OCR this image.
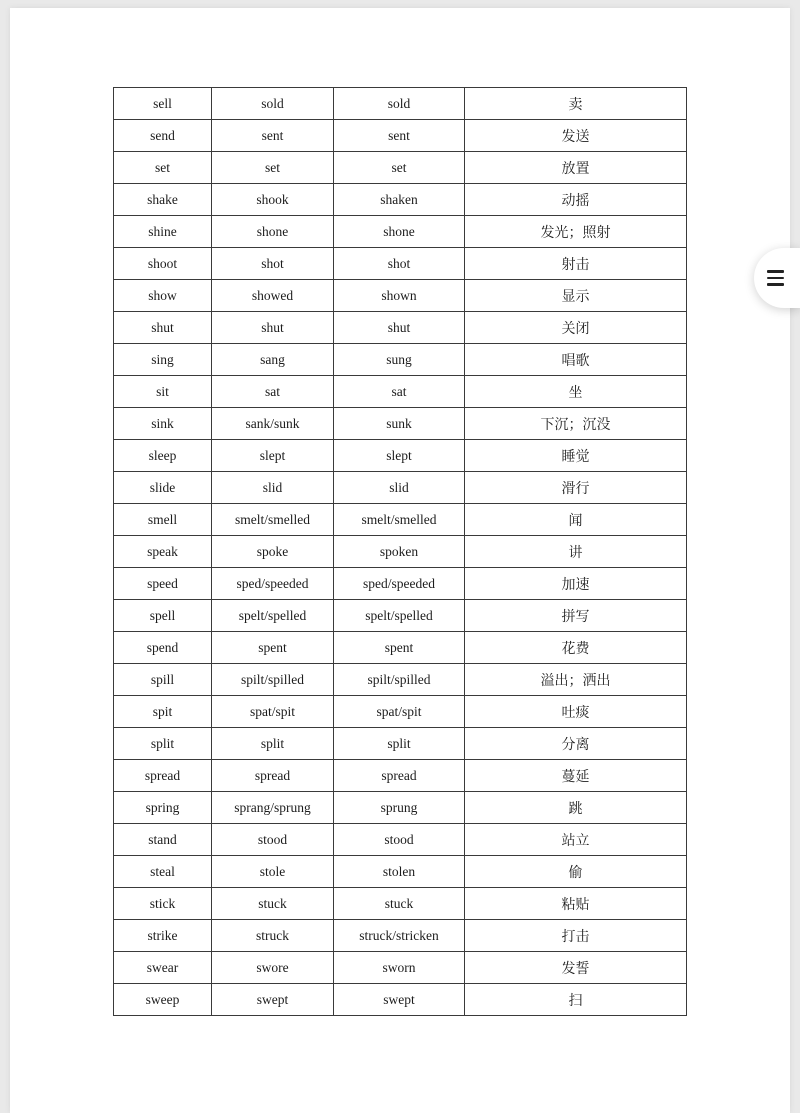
sell	sold	sold	卖
send	sent	sent	发送
set	set	set	放置
shake	shook	shaken	动摇
shine	shone	shone	发光；照射
shoot	shot	shot	射击
show	showed	shown	显示
shut	shut	shut	关闭
sing	sang	sung	唱歌
sit	sat	sat	坐
sink	sank/sunk	sunk	下沉；沉没
sleep	slept	slept	睡觉
slide	slid	slid	滑行
smell	smelt/smelled	smelt/smelled	闻
speak	spoke	spoken	讲
speed	sped/speeded	sped/speeded	加速
spell	spelt/spelled	spelt/spelled	拼写
spend	spent	spent	花费
spill	spilt/spilled	spilt/spilled	溢出；洒出
spit	spat/spit	spat/spit	吐痰
split	split	split	分离
spread	spread	spread	蔓延
spring	sprang/sprung	sprung	跳
stand	stood	stood	站立
steal	stole	stolen	偷
stick	stuck	stuck	粘贴
strike	struck	struck/stricken	打击
swear	swore	sworn	发誓
sweep	swept	swept	扫
